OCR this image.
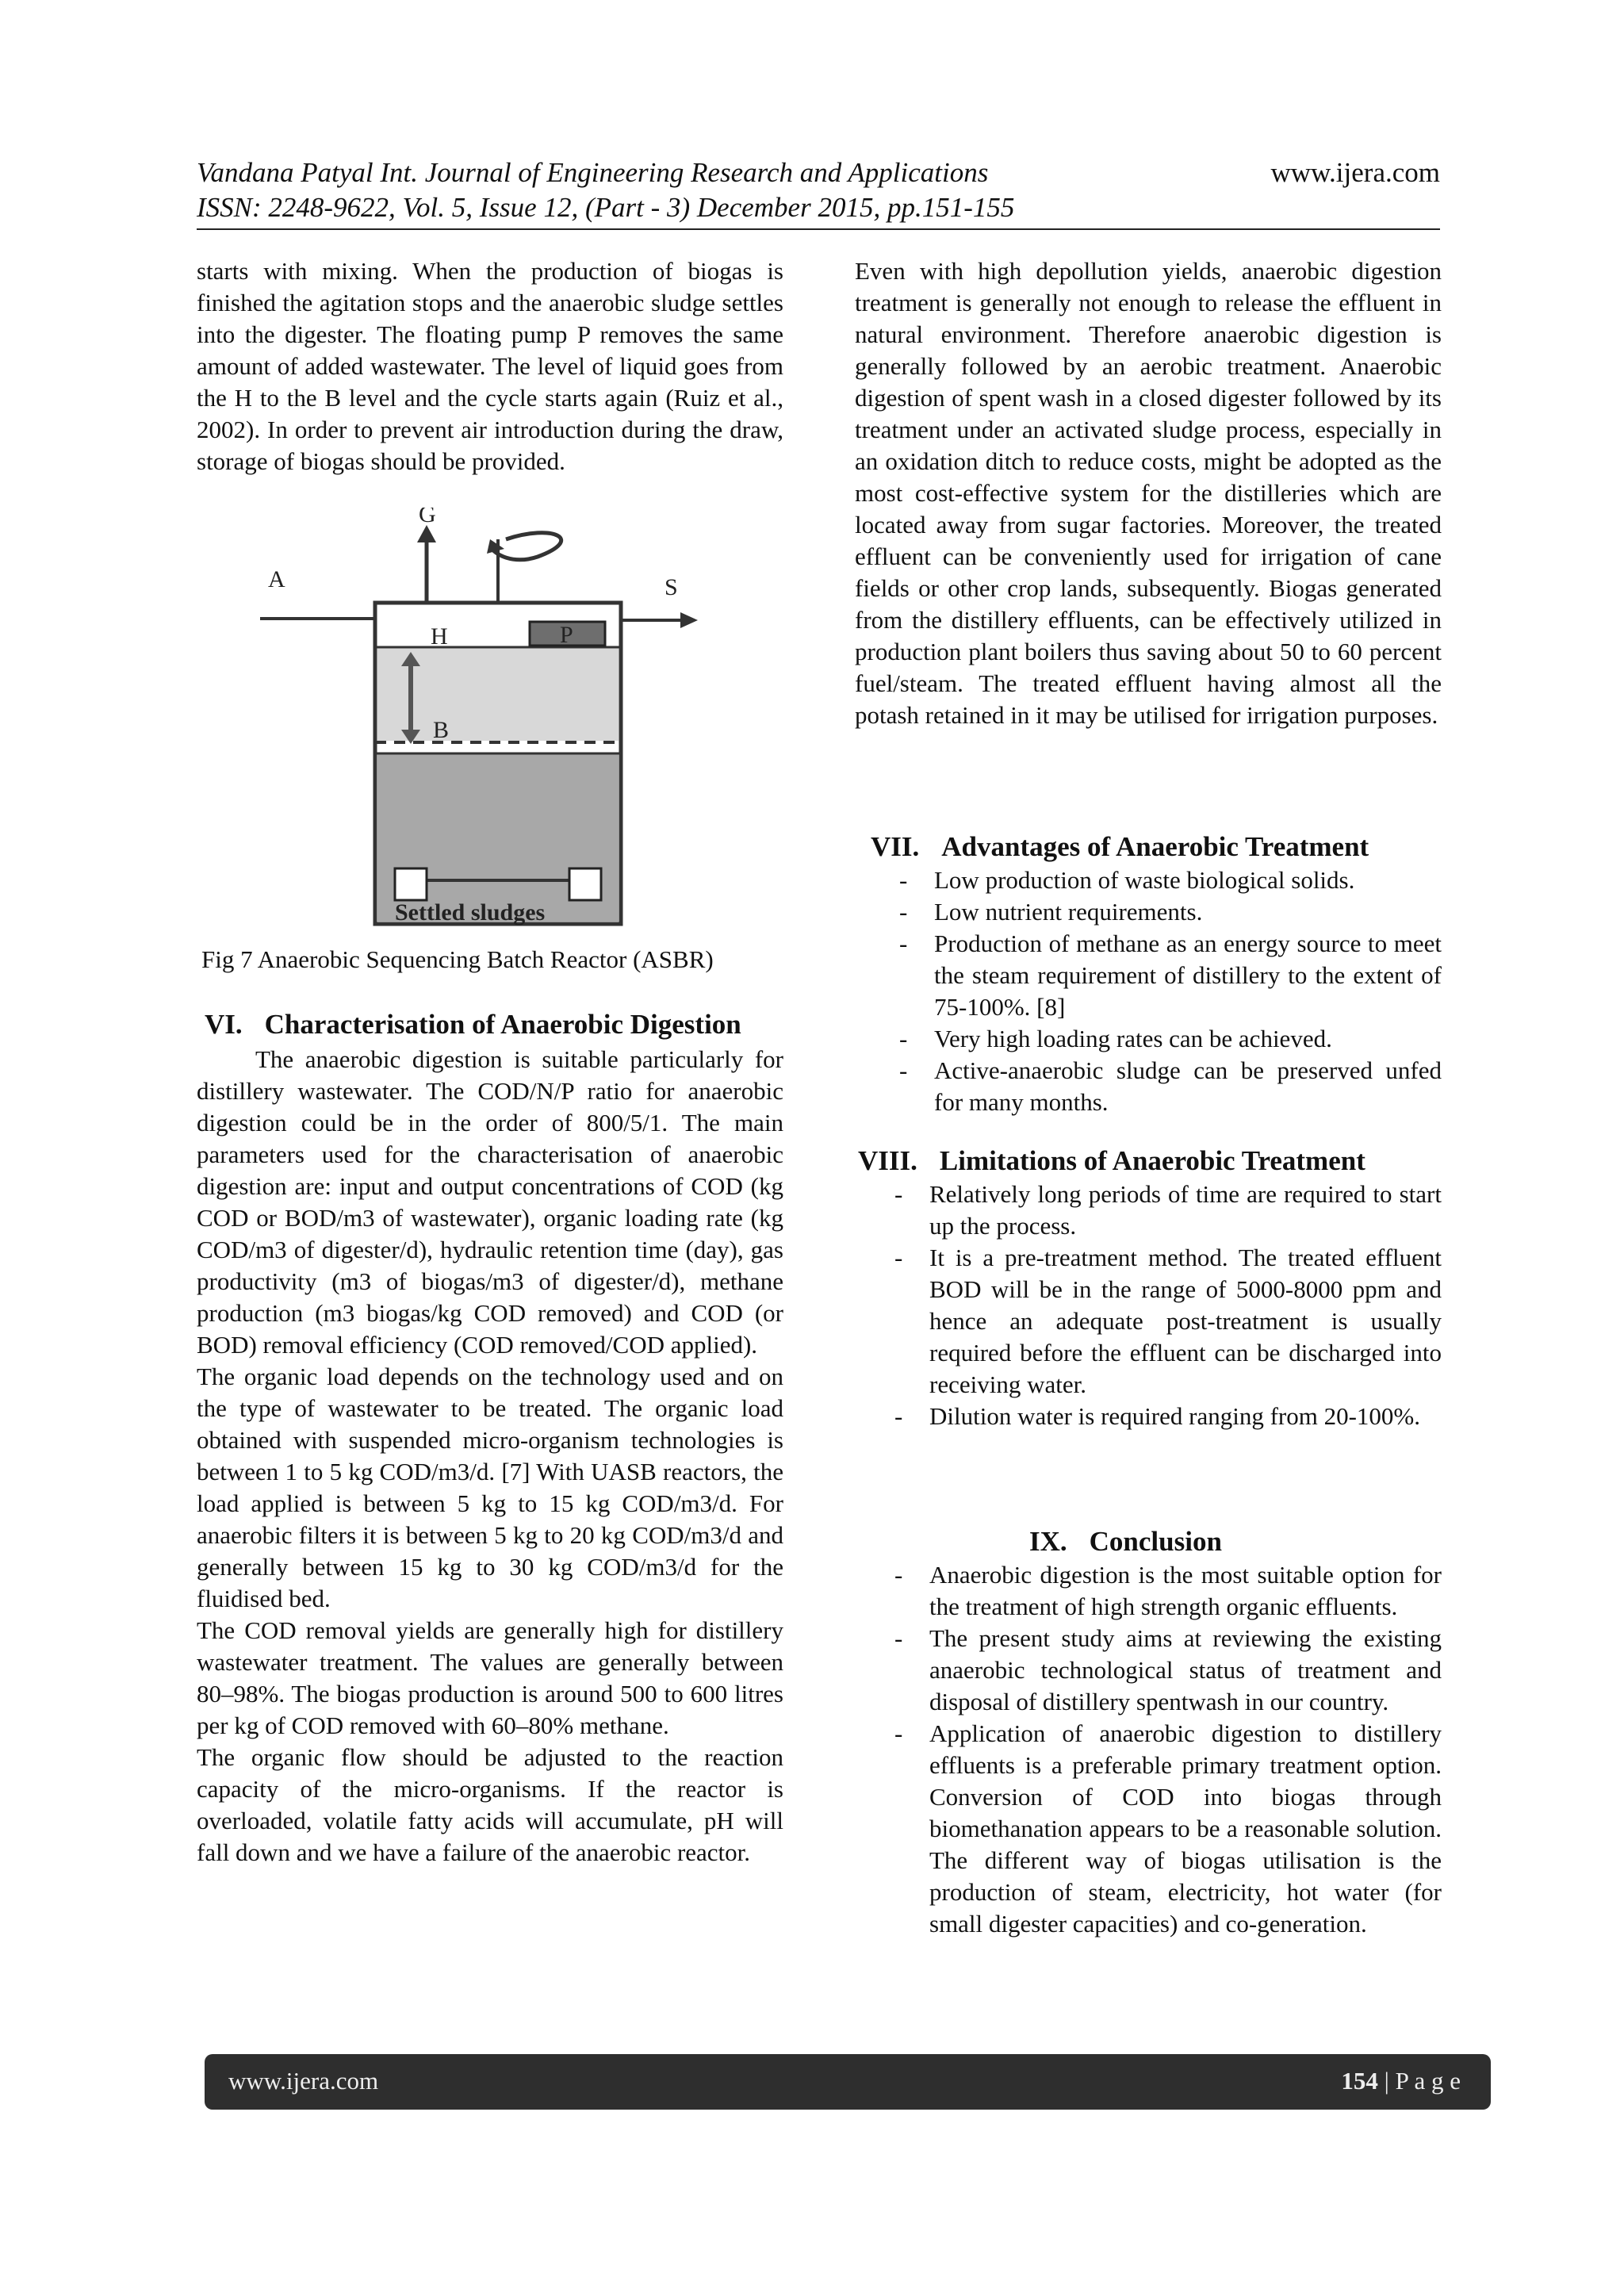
Vandana Patyal Int. Journal of Engineering Research and Applications	www.ijera.com
ISSN: 2248-9622, Vol. 5, Issue 12, (Part - 3) December 2015, pp.151-155

starts with mixing. When the production of biogas is finished the agitation stops and the anaerobic sludge settles into the digester. The floating pump P removes the same amount of added wastewater. The level of liquid goes from the H to the B level and the cycle starts again (Ruiz et al., 2002). In order to prevent air introduction during the draw, storage of biogas should be provided.

G
A	S
H	P
B
Settled sludges
Fig 7 Anaerobic Sequencing Batch Reactor (ASBR)
VI. Characterisation of Anaerobic Digestion

The anaerobic digestion is suitable particularly for distillery wastewater. The COD/N/P ratio for anaerobic digestion could be in the order of 800/5/1. The main parameters used for the characterisation of anaerobic digestion are: input and output concentrations of COD (kg COD or BOD/m3 of wastewater), organic loading rate (kg COD/m3 of digester/d), hydraulic retention time (day), gas productivity (m3 of biogas/m3 of digester/d), methane production (m3 biogas/kg COD removed) and COD (or BOD) removal efficiency (COD removed/COD applied).

The organic load depends on the technology used and on the type of wastewater to be treated. The organic load obtained with suspended micro-organism technologies is between 1 to 5 kg COD/m3/d. [7] With UASB reactors, the load applied is between 5 kg to 15 kg COD/m3/d. For anaerobic filters it is between 5 kg to 20 kg COD/m3/d and generally between 15 kg to 30 kg COD/m3/d for the fluidised bed.

The COD removal yields are generally high for distillery wastewater treatment. The values are generally between 80–98%. The biogas production is around 500 to 600 litres per kg of COD removed with 60–80% methane.

The organic flow should be adjusted to the reaction capacity of the micro-organisms. If the reactor is overloaded, volatile fatty acids will accumulate, pH will fall down and we have a failure of the anaerobic reactor.

Even with high depollution yields, anaerobic digestion treatment is generally not enough to release the effluent in natural environment. Therefore anaerobic digestion is generally followed by an aerobic treatment. Anaerobic digestion of spent wash in a closed digester followed by its treatment under an activated sludge process, especially in an oxidation ditch to reduce costs, might be adopted as the most cost-effective system for the distilleries which are located away from sugar factories. Moreover, the treated effluent can be conveniently used for irrigation of cane fields or other crop lands, subsequently. Biogas generated from the distillery effluents, can be effectively utilized in production plant boilers thus saving about 50 to 60 percent fuel/steam. The treated effluent having almost all the potash retained in it may be utilised for irrigation purposes.

VII. Advantages of Anaerobic Treatment
- Low production of waste biological solids.
- Low nutrient requirements.
- Production of methane as an energy source to meet the steam requirement of distillery to the extent of 75-100%. [8]
- Very high loading rates can be achieved.
- Active-anaerobic sludge can be preserved unfed for many months.
VIII. Limitations of Anaerobic Treatment
- Relatively long periods of time are required to start up the process.
- It is a pre-treatment method. The treated effluent BOD will be in the range of 5000-8000 ppm and hence an adequate post-treatment is usually required before the effluent can be discharged into receiving water.
- Dilution water is required ranging from 20-100%.
IX. Conclusion
- Anaerobic digestion is the most suitable option for the treatment of high strength organic effluents.
- The present study aims at reviewing the existing anaerobic technological status of treatment and disposal of distillery spentwash in our country.
- Application of anaerobic digestion to distillery effluents is a preferable primary treatment option. Conversion of COD into biogas through biomethanation appears to be a reasonable solution. The different way of biogas utilisation is the production of steam, electricity, hot water (for small digester capacities) and co-generation.
www.ijera.com	154 | P a g e
